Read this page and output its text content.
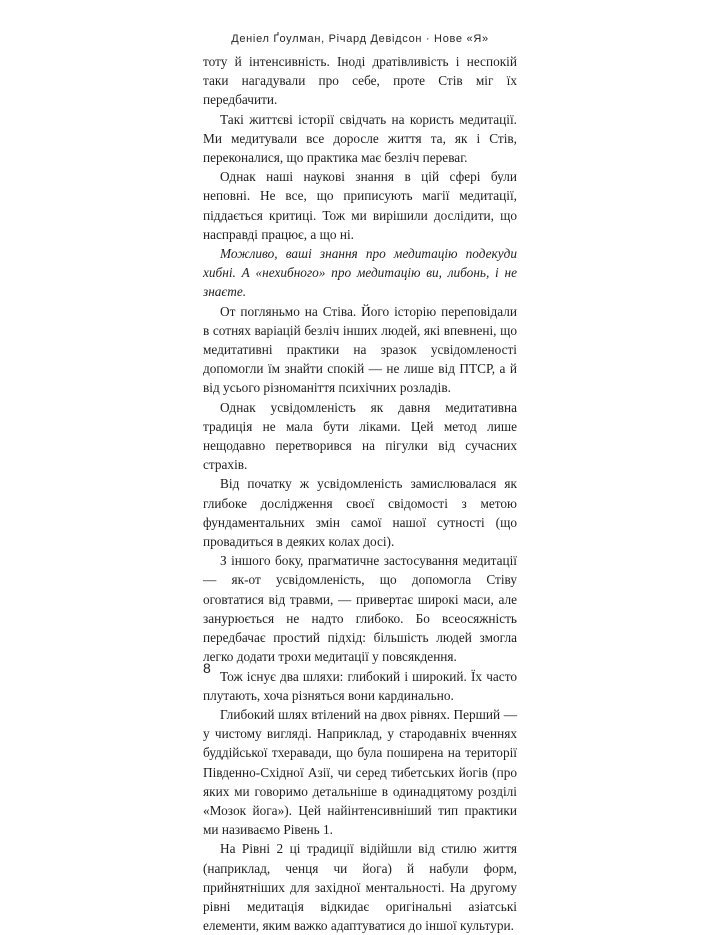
Деніел Ґоулман, Річард Девідсон · Нове «Я»

тоту й інтенсивність. Іноді дратівливість і неспокій таки нагадували про себе, проте Стів міг їх передбачити.

Такі життєві історії свідчать на користь медитації. Ми медитували все доросле життя та, як і Стів, переконалися, що практика має безліч переваг.

Однак наші наукові знання в цій сфері були неповні. Не все, що приписують магії медитації, піддається критиці. Тож ми вирішили дослідити, що насправді працює, а що ні.

Можливо, ваші знання про медитацію подекуди хибні. А «нехибного» про медитацію ви, либонь, і не знаєте.

От погляньмо на Стіва. Його історію переповідали в сотнях варіацій безліч інших людей, які впевнені, що медитативні практики на зразок усвідомленості допомогли їм знайти спокій — не лише від ПТСР, а й від усього різноманіття психічних розладів.

Однак усвідомленість як давня медитативна традиція не мала бути ліками. Цей метод лише нещодавно перетворився на пігулки від сучасних страхів.

Від початку ж усвідомленість замислювалася як глибоке дослідження своєї свідомості з метою фундаментальних змін самої нашої сутності (що провадиться в деяких колах досі).

З іншого боку, прагматичне застосування медитації — як-от усвідомленість, що допомогла Стіву оговтатися від травми, — привертає широкі маси, але занурюється не надто глибоко. Бо всеосяжність передбачає простий підхід: більшість людей змогла легко додати трохи медитації у повсякдення.

Тож існує два шляхи: глибокий і широкий. Їх часто плутають, хоча різняться вони кардинально.

Глибокий шлях втілений на двох рівнях. Перший — у чистому вигляді. Наприклад, у стародавніх вченнях буддійської тхеравади, що була поширена на території Південно-Східної Азії, чи серед тибетських йогів (про яких ми говоримо детальніше в одинадцятому розділі «Мозок йога»). Цей найінтенсивніший тип практики ми називаємо Рівень 1.

На Рівні 2 ці традиції відійшли від стилю життя (наприклад, ченця чи йога) й набули форм, прийнятніших для західної ментальності. На другому рівні медитація відкидає оригінальні азіатські елементи, яким важко адаптуватися до іншої культури.

8
